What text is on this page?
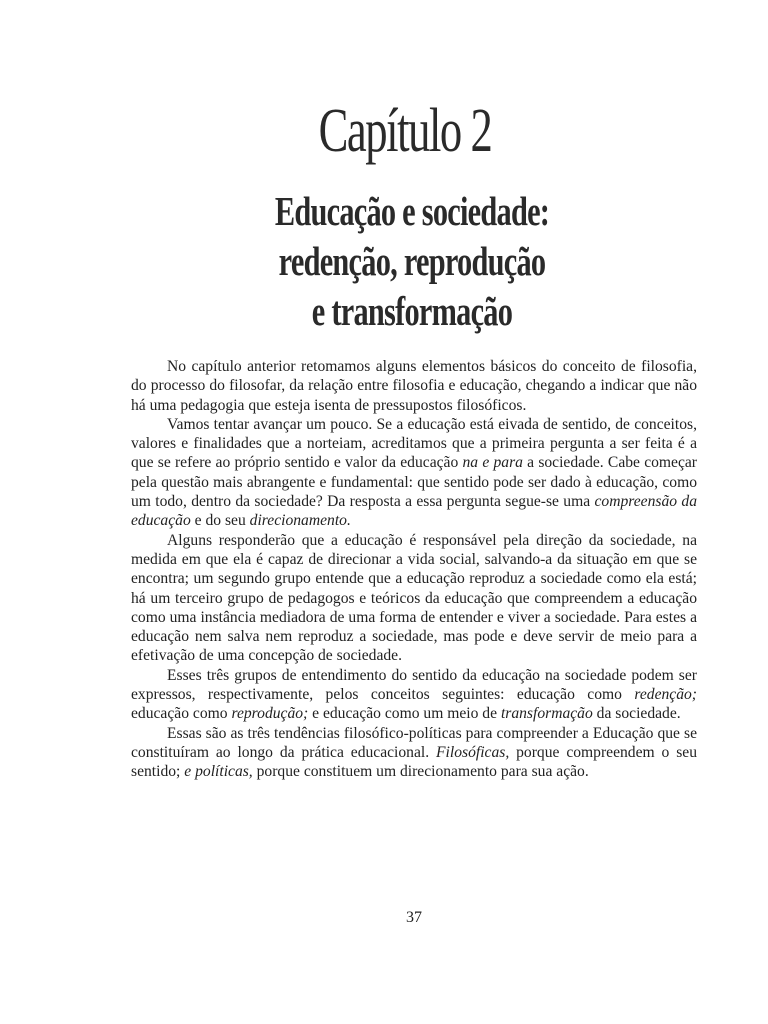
Capítulo 2
Educação e sociedade:
redenção, reprodução
e transformação

No capítulo anterior retomamos alguns elementos básicos do conceito de filosofia, do processo do filosofar, da relação entre filosofia e educação, chegando a indicar que não há uma pedagogia que esteja isenta de pressupostos filosóficos.

Vamos tentar avançar um pouco. Se a educação está eivada de sentido, de conceitos, valores e finalidades que a norteiam, acreditamos que a primeira pergunta a ser feita é a que se refere ao próprio sentido e valor da educação na e para a sociedade. Cabe começar pela questão mais abrangente e fundamental: que sentido pode ser dado à educação, como um todo, dentro da sociedade? Da resposta a essa pergunta segue-se uma compreensão da educação e do seu direcionamento.

Alguns responderão que a educação é responsável pela direção da sociedade, na medida em que ela é capaz de direcionar a vida social, salvando-a da situação em que se encontra; um segundo grupo entende que a educação reproduz a sociedade como ela está; há um terceiro grupo de pedagogos e teóricos da educação que compreendem a educação como uma instância mediadora de uma forma de entender e viver a sociedade. Para estes a educação nem salva nem reproduz a sociedade, mas pode e deve servir de meio para a efetivação de uma concepção de sociedade.

Esses três grupos de entendimento do sentido da educação na sociedade podem ser expressos, respectivamente, pelos conceitos seguintes: educação como redenção; educação como reprodução; e educação como um meio de transformação da sociedade.

Essas são as três tendências filosófico-políticas para compreender a Educação que se constituíram ao longo da prática educacional. Filosóficas, porque compreendem o seu sentido; e políticas, porque constituem um direcionamento para sua ação.

37
